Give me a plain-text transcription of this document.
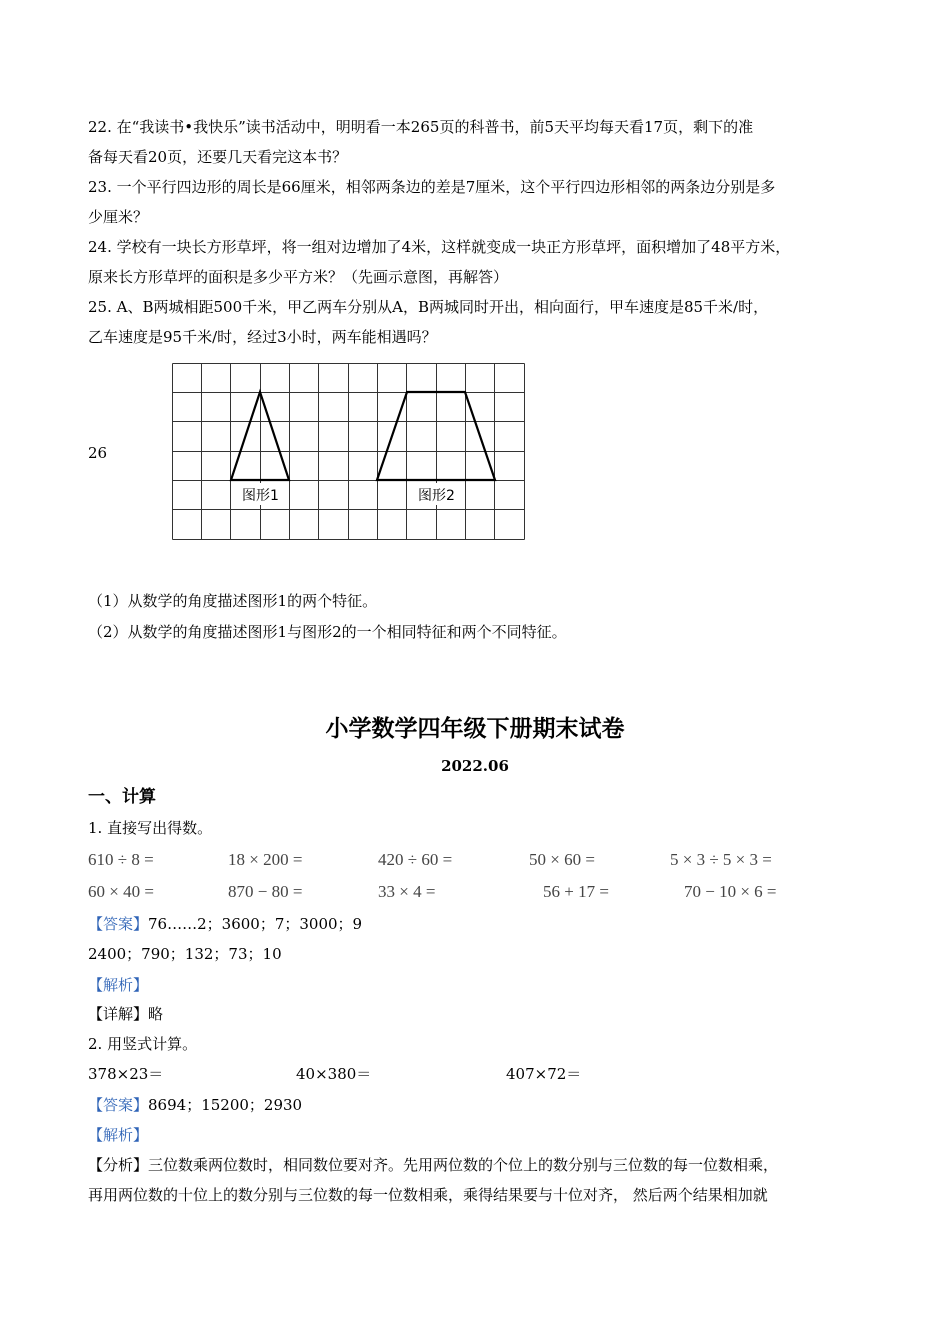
22. 在“我读书•我快乐”读书活动中，明明看一本265页的科普书，前5天平均每天看17页，剩下的准
备每天看20页，还要几天看完这本书？
23. 一个平行四边形的周长是66厘米，相邻两条边的差是7厘米，这个平行四边形相邻的两条边分别是多
少厘米？
24. 学校有一块长方形草坪，将一组对边增加了4米，这样就变成一块正方形草坪，面积增加了48平方米，
原来长方形草坪的面积是多少平方米？（先画示意图，再解答）
25. A、B两城相距500千米，甲乙两车分别从A，B两城同时开出，相向面行，甲车速度是85千米/时，
乙车速度是95千米/时，经过3小时，两车能相遇吗？
26
图形1	图形2
（1）从数学的角度描述图形1的两个特征。
（2）从数学的角度描述图形1与图形2的一个相同特征和两个不同特征。
小学数学四年级下册期末试卷
2022.06
一、计算
1. 直接写出得数。
610 ÷ 8 =	18 × 200 =	420 ÷ 60 =	50 × 60 =	5 × 3 ÷ 5 × 3 =
60 × 40 =	870 − 80 =	33 × 4 =	56 + 17 =	70 − 10 × 6 =
【答案】76……2；3600；7；3000；9
2400；790；132；73；10
【解析】
【详解】略
2. 用竖式计算。
378×23＝	40×380＝	407×72＝
【答案】8694；15200；2930
【解析】
【分析】三位数乘两位数时，相同数位要对齐。先用两位数的个位上的数分别与三位数的每一位数相乘，
再用两位数的十位上的数分别与三位数的每一位数相乘，乘得结果要与十位对齐， 然后两个结果相加就
